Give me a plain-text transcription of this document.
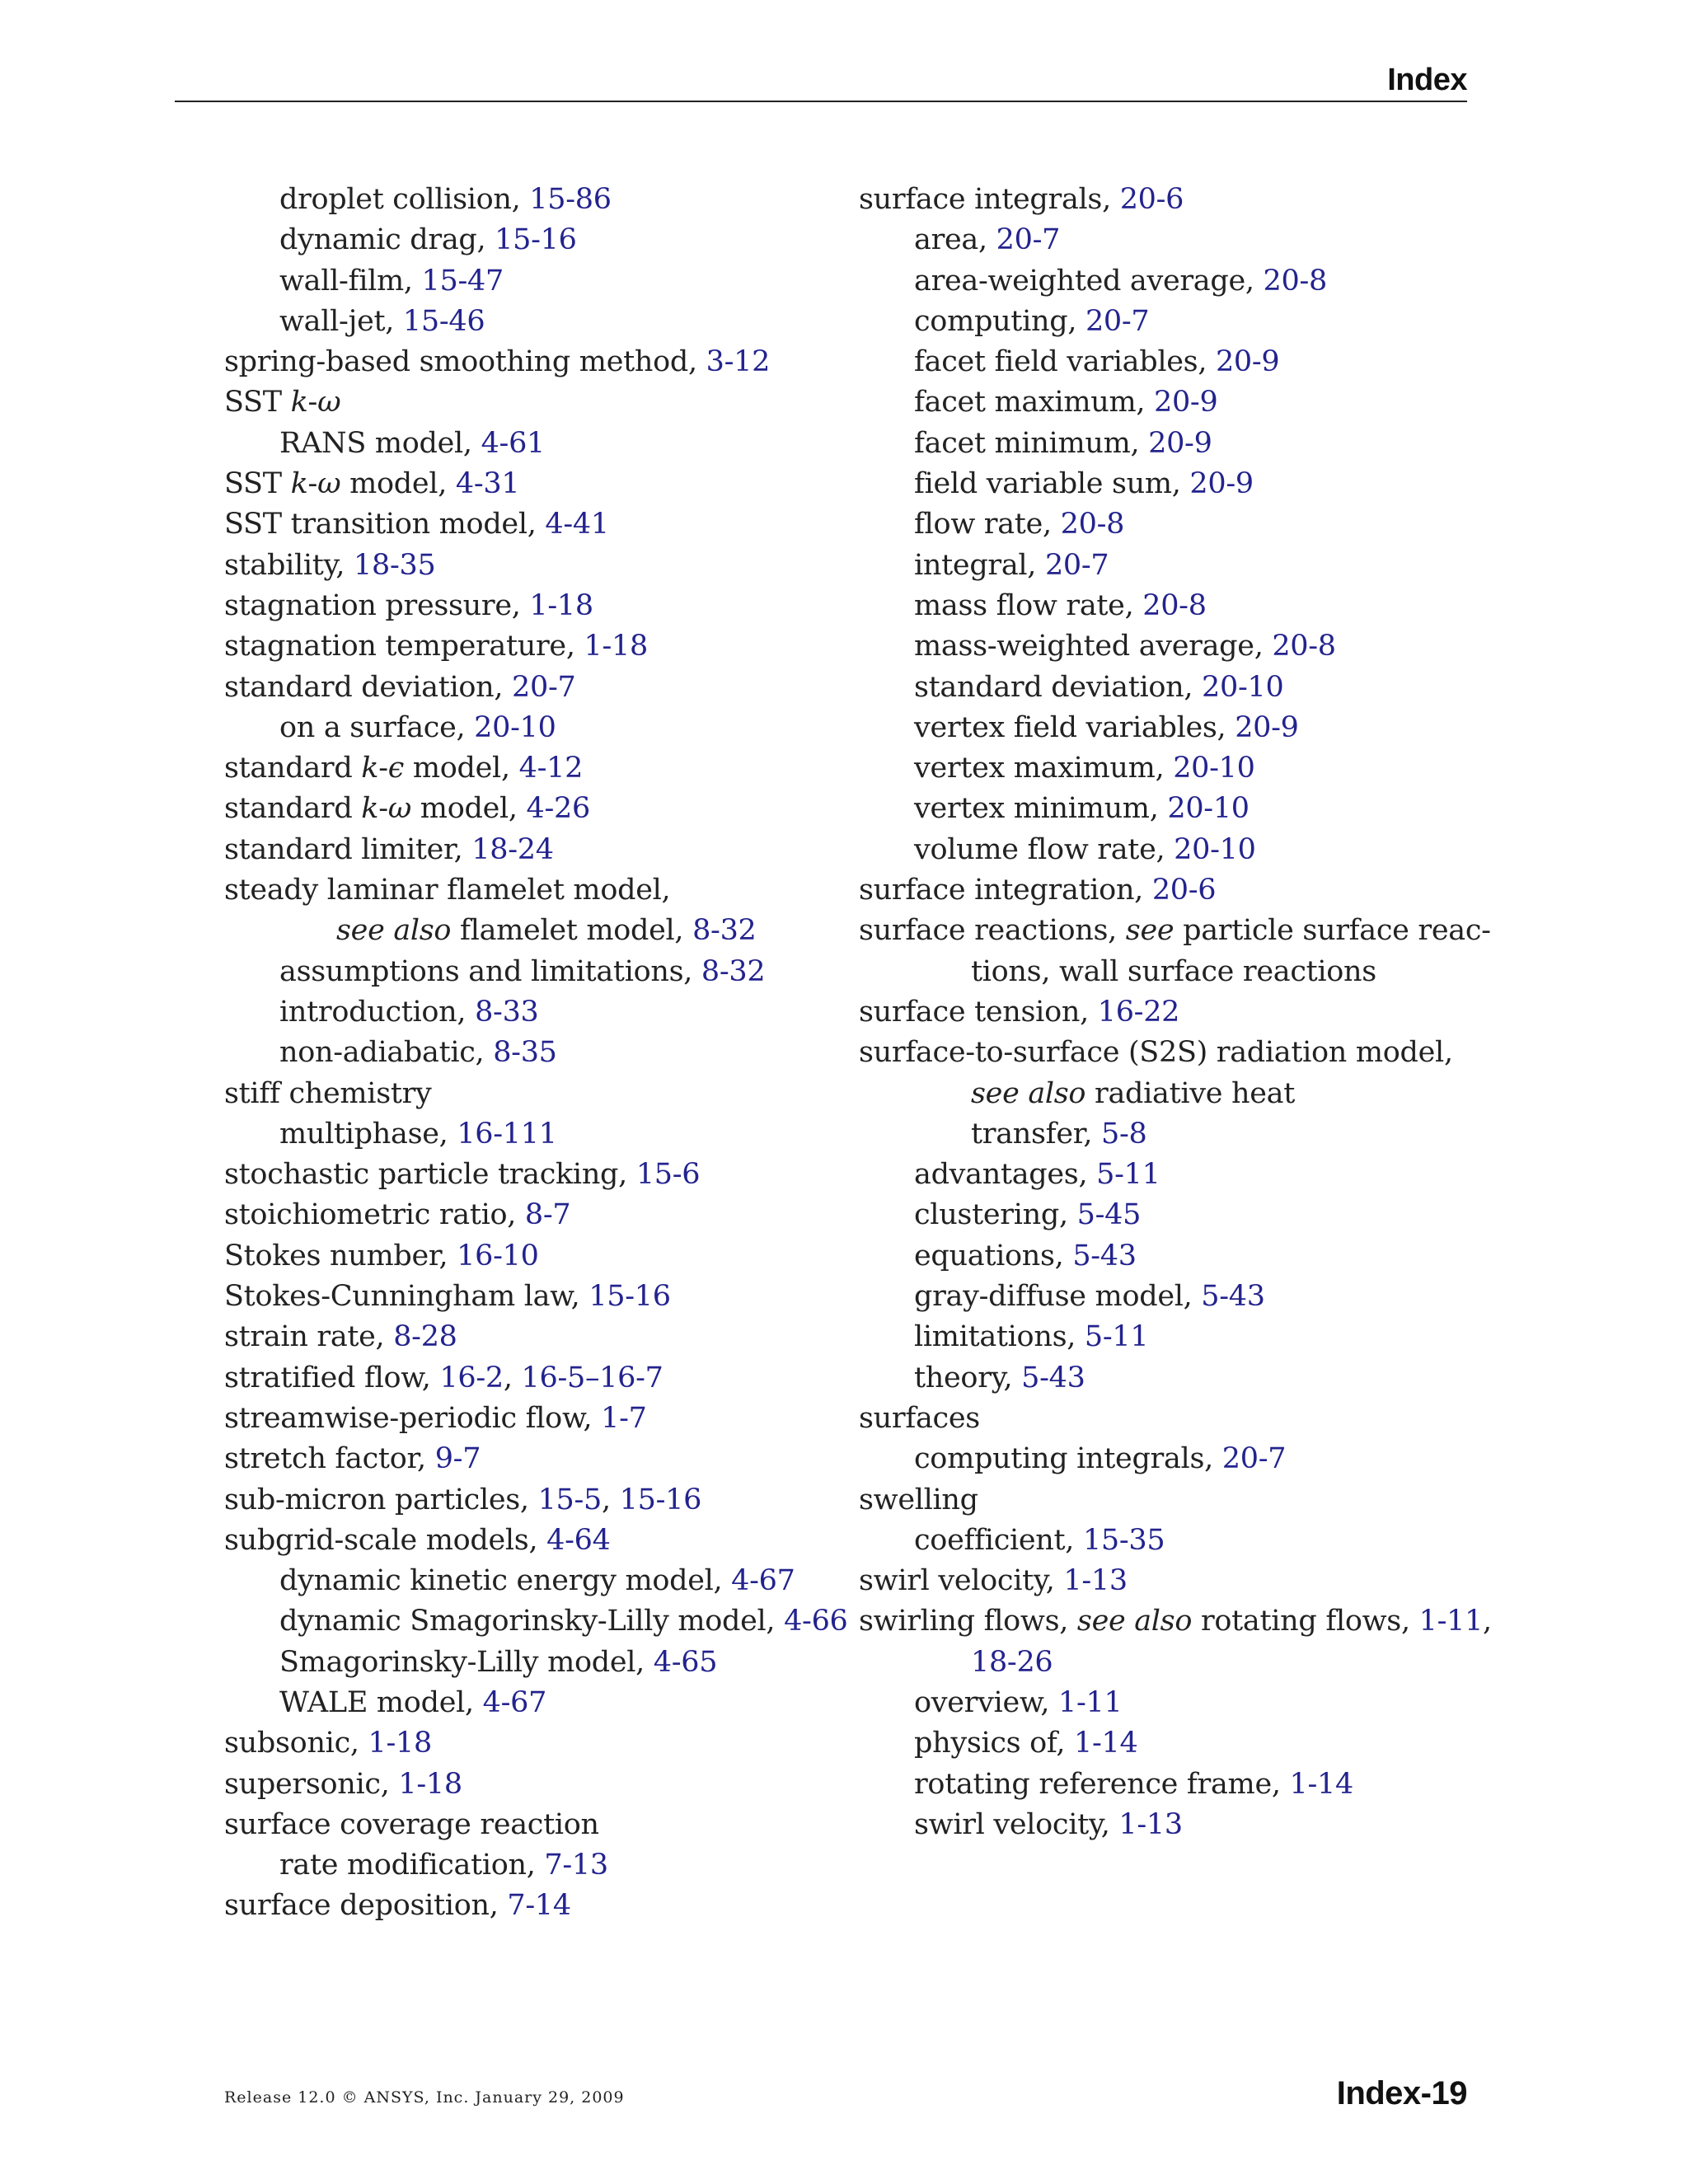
Index
droplet collision, 15-86
dynamic drag, 15-16
wall-film, 15-47
wall-jet, 15-46
spring-based smoothing method, 3-12
SST k-ω
RANS model, 4-61
SST k-ω model, 4-31
SST transition model, 4-41
stability, 18-35
stagnation pressure, 1-18
stagnation temperature, 1-18
standard deviation, 20-7
on a surface, 20-10
standard k-ϵ model, 4-12
standard k-ω model, 4-26
standard limiter, 18-24
steady laminar flamelet model,
see also flamelet model, 8-32
assumptions and limitations, 8-32
introduction, 8-33
non-adiabatic, 8-35
stiff chemistry
multiphase, 16-111
stochastic particle tracking, 15-6
stoichiometric ratio, 8-7
Stokes number, 16-10
Stokes-Cunningham law, 15-16
strain rate, 8-28
stratified flow, 16-2, 16-5–16-7
streamwise-periodic flow, 1-7
stretch factor, 9-7
sub-micron particles, 15-5, 15-16
subgrid-scale models, 4-64
dynamic kinetic energy model, 4-67
dynamic Smagorinsky-Lilly model, 4-66
Smagorinsky-Lilly model, 4-65
WALE model, 4-67
subsonic, 1-18
supersonic, 1-18
surface coverage reaction
rate modification, 7-13
surface deposition, 7-14
surface integrals, 20-6
area, 20-7
area-weighted average, 20-8
computing, 20-7
facet field variables, 20-9
facet maximum, 20-9
facet minimum, 20-9
field variable sum, 20-9
flow rate, 20-8
integral, 20-7
mass flow rate, 20-8
mass-weighted average, 20-8
standard deviation, 20-10
vertex field variables, 20-9
vertex maximum, 20-10
vertex minimum, 20-10
volume flow rate, 20-10
surface integration, 20-6
surface reactions, see particle surface reac-
tions, wall surface reactions
surface tension, 16-22
surface-to-surface (S2S) radiation model,
see also radiative heat
transfer, 5-8
advantages, 5-11
clustering, 5-45
equations, 5-43
gray-diffuse model, 5-43
limitations, 5-11
theory, 5-43
surfaces
computing integrals, 20-7
swelling
coefficient, 15-35
swirl velocity, 1-13
swirling flows, see also rotating flows, 1-11,
18-26
overview, 1-11
physics of, 1-14
rotating reference frame, 1-14
swirl velocity, 1-13
Release 12.0 © ANSYS, Inc. January 29, 2009	Index-19
